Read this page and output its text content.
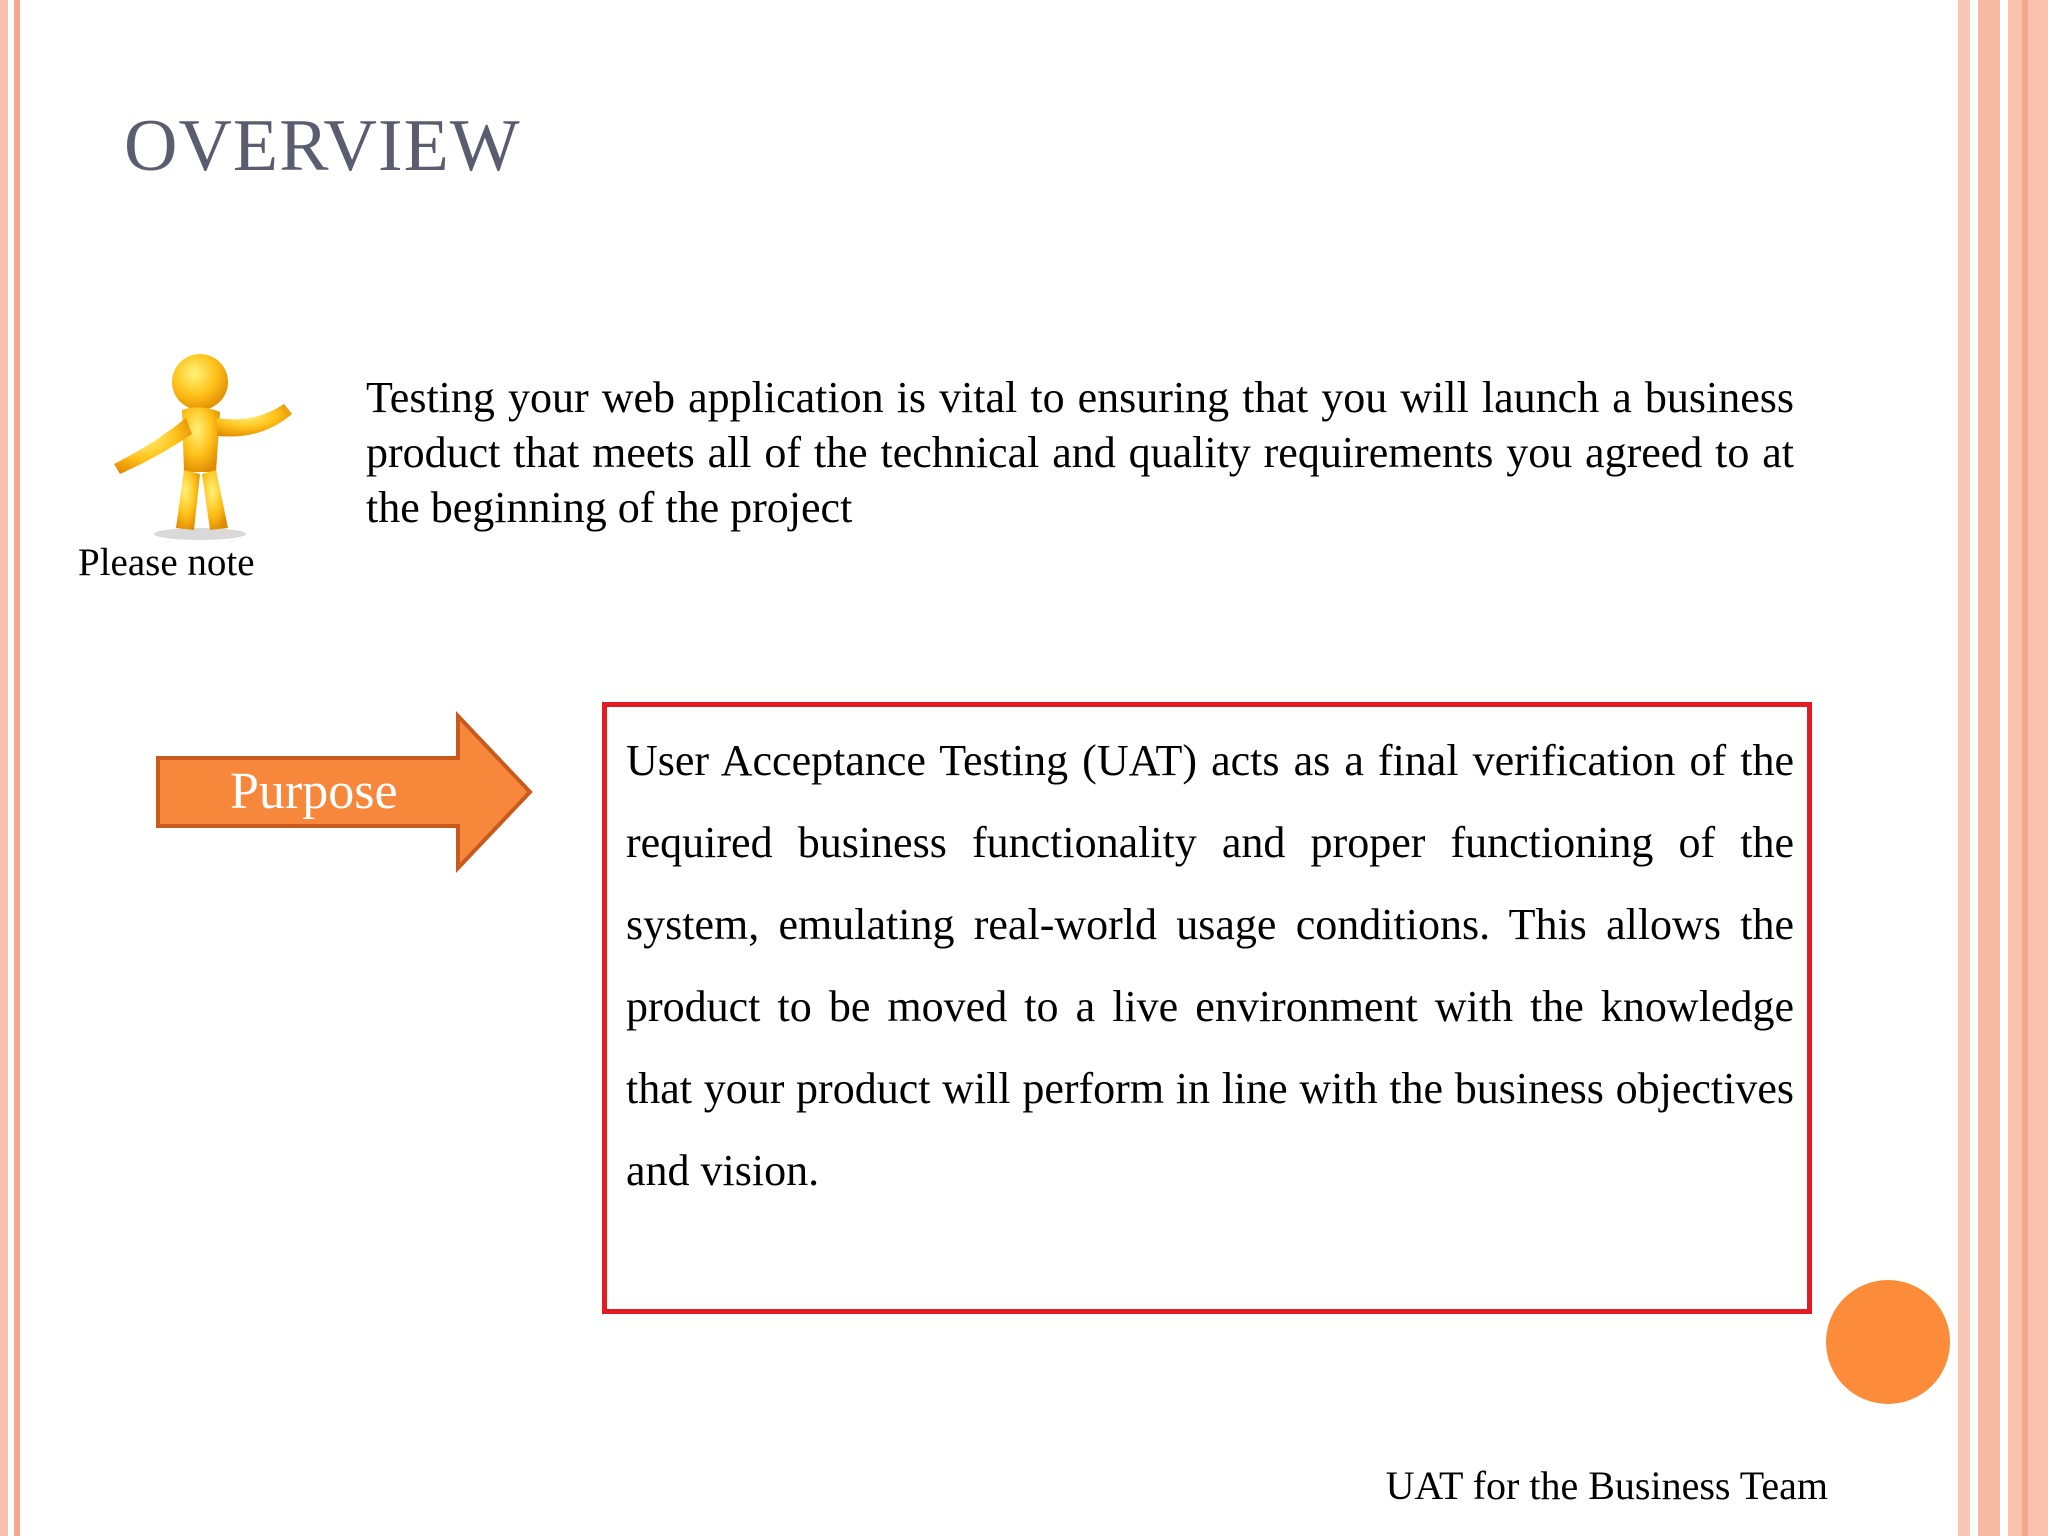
OVERVIEW
Please note
Testing your web application is vital to ensuring that you will launch a business product that meets all of the technical and quality requirements you agreed to at the beginning of the project
Purpose
User Acceptance Testing (UAT) acts as a final verification of the required business functionality and proper functioning of the system, emulating real-world usage conditions. This allows the product to be moved to a live environment with the knowledge that your product will perform in line with the business objectives and vision.
UAT for the Business Team
